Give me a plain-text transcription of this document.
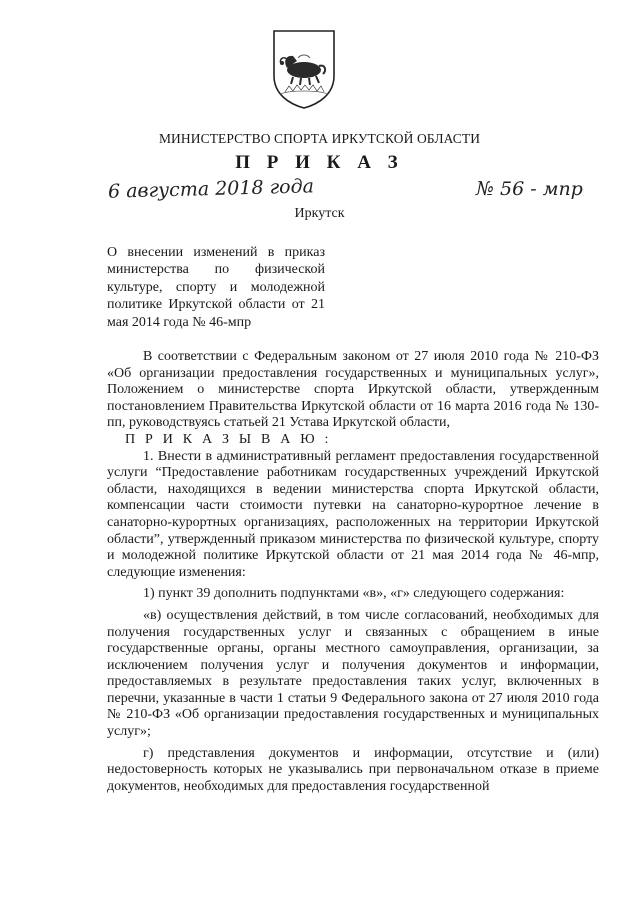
МИНИСТЕРСТВО СПОРТА ИРКУТСКОЙ ОБЛАСТИ
П Р И К А З
6 августа 2018 года	№ 56 - мпр
Иркутск
О внесении изменений в приказ министерства по физической культуре, спорту и молодежной политике Иркутской области от 21 мая 2014 года № 46-мпр

В соответствии с Федеральным законом от 27 июля 2010 года № 210-ФЗ «Об организации предоставления государственных и муниципальных услуг», Положением о министерстве спорта Иркутской области, утвержденным постановлением Правительства Иркутской области от 16 марта 2016 года № 130-пп, руководствуясь статьей 21 Устава Иркутской области,

П Р И К А З Ы В А Ю :

1. Внести в административный регламент предоставления государственной услуги “Предоставление работникам государственных учреждений Иркутской области, находящихся в ведении министерства спорта Иркутской области, компенсации части стоимости путевки на санаторно-курортное лечение в санаторно-курортных организациях, расположенных на территории Иркутской области”, утвержденный приказом министерства по физической культуре, спорту и молодежной политике Иркутской области от 21 мая 2014 года № 46-мпр, следующие изменения:

1) пункт 39 дополнить подпунктами «в», «г» следующего содержания:

«в) осуществления действий, в том числе согласований, необходимых для получения государственных услуг и связанных с обращением в иные государственные органы, органы местного самоуправления, организации, за исключением получения услуг и получения документов и информации, предоставляемых в результате предоставления таких услуг, включенных в перечни, указанные в части 1 статьи 9 Федерального закона от 27 июля 2010 года № 210-ФЗ «Об организации предоставления государственных и муниципальных услуг»;

г) представления документов и информации, отсутствие и (или) недостоверность которых не указывались при первоначальном отказе в приеме документов, необходимых для предоставления государственной
